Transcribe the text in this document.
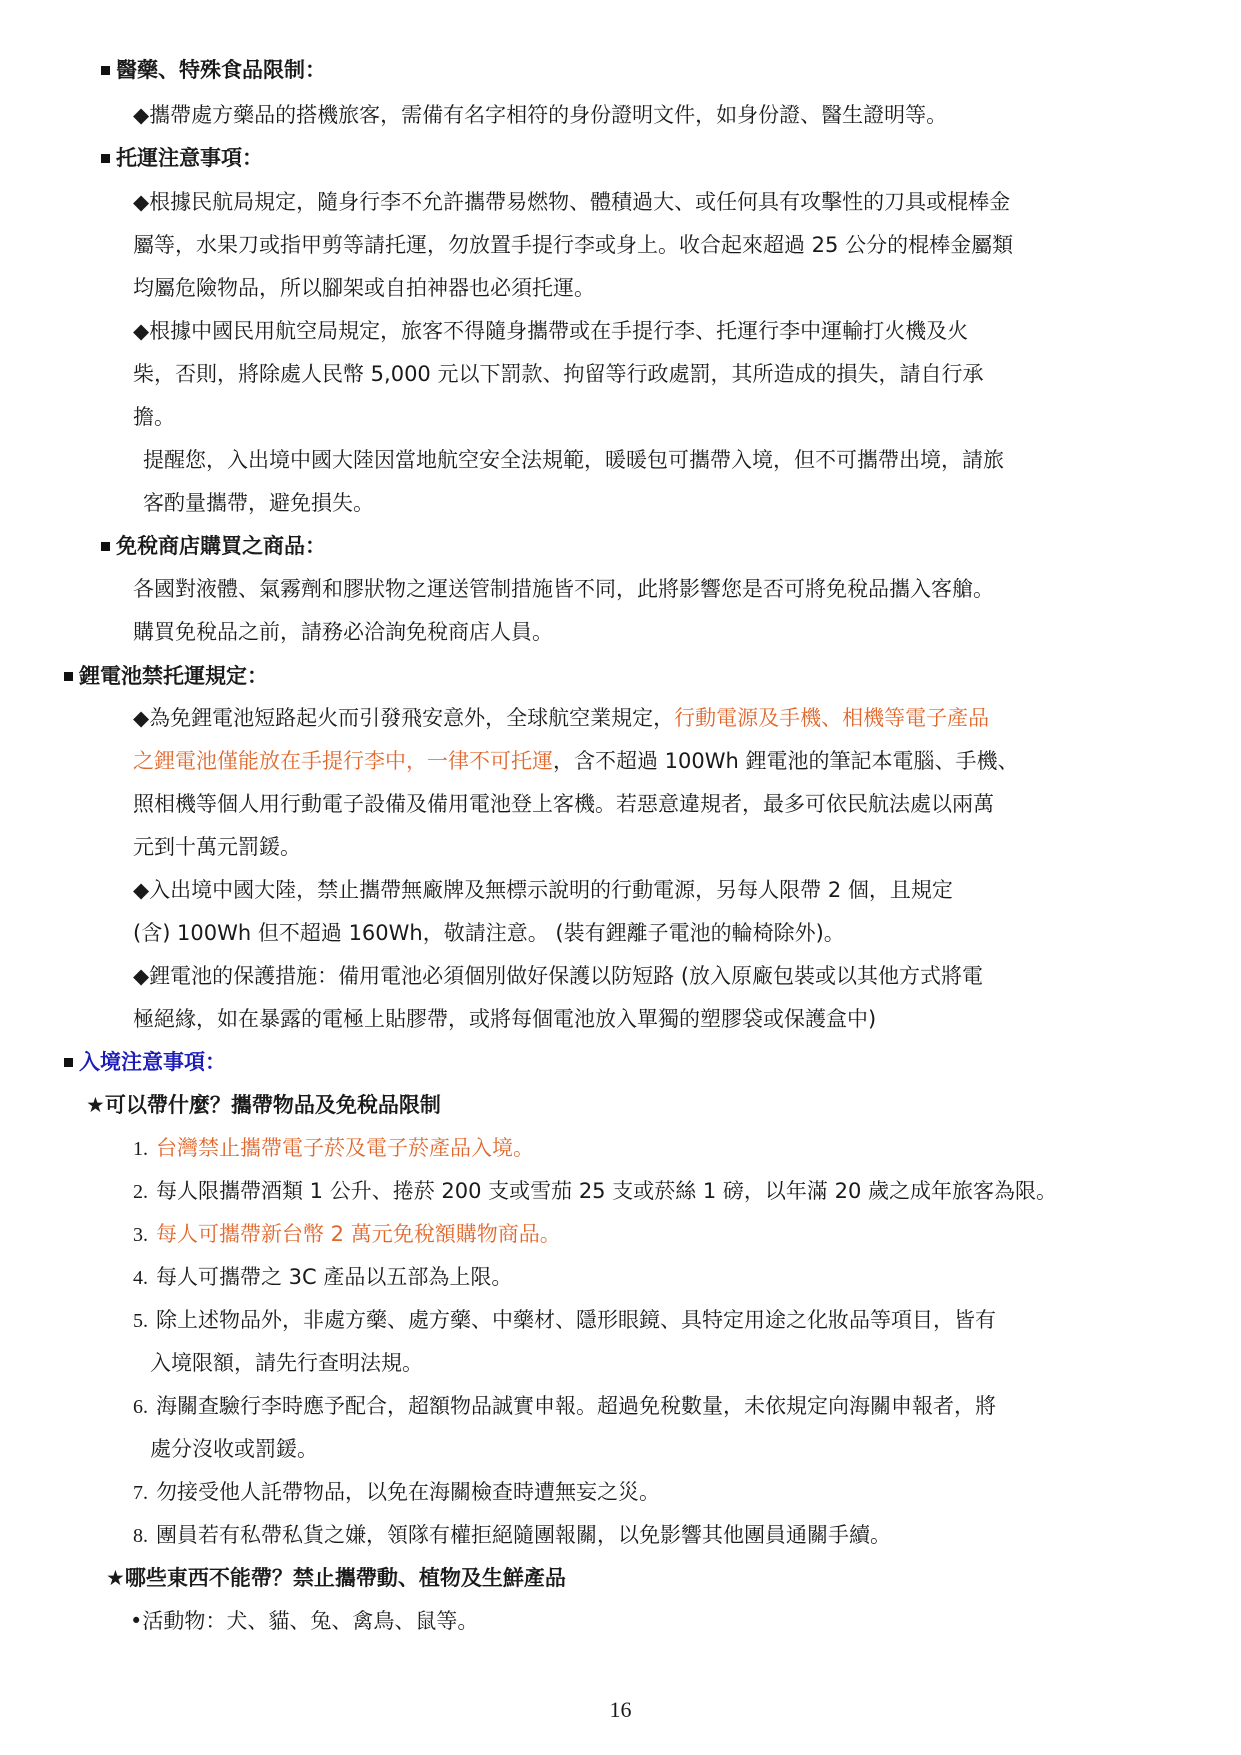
醫藥、特殊食品限制：
◆攜帶處方藥品的搭機旅客，需備有名字相符的身份證明文件，如身份證、醫生證明等。
托運注意事項：
◆根據民航局規定，隨身行李不允許攜帶易燃物、體積過大、或任何具有攻擊性的刀具或棍棒金
屬等，水果刀或指甲剪等請托運，勿放置手提行李或身上。收合起來超過 25 公分的棍棒金屬類
均屬危險物品，所以腳架或自拍神器也必須托運。
◆根據中國民用航空局規定，旅客不得隨身攜帶或在手提行李、托運行李中運輸打火機及火
柴，否則，將除處人民幣 5,000 元以下罰款、拘留等行政處罰，其所造成的損失，請自行承
擔。
提醒您，入出境中國大陸因當地航空安全法規範，暖暖包可攜帶入境，但不可攜帶出境，請旅
客酌量攜帶，避免損失。
免稅商店購買之商品：
各國對液體、氣霧劑和膠狀物之運送管制措施皆不同，此將影響您是否可將免稅品攜入客艙。
購買免稅品之前，請務必洽詢免稅商店人員。
鋰電池禁托運規定：
◆為免鋰電池短路起火而引發飛安意外，全球航空業規定，行動電源及手機、相機等電子產品
之鋰電池僅能放在手提行李中，一律不可托運，含不超過 100Wh 鋰電池的筆記本電腦、手機、
照相機等個人用行動電子設備及備用電池登上客機。若惡意違規者，最多可依民航法處以兩萬
元到十萬元罰鍰。
◆入出境中國大陸，禁止攜帶無廠牌及無標示說明的行動電源，另每人限帶 2 個，且規定
(含) 100Wh 但不超過 160Wh，敬請注意。 (裝有鋰離子電池的輪椅除外)。
◆鋰電池的保護措施：備用電池必須個別做好保護以防短路 (放入原廠包裝或以其他方式將電
極絕緣，如在暴露的電極上貼膠帶，或將每個電池放入單獨的塑膠袋或保護盒中)
入境注意事項：
★可以帶什麼？攜帶物品及免稅品限制
1. 台灣禁止攜帶電子菸及電子菸產品入境。
2. 每人限攜帶酒類 1 公升、捲菸 200 支或雪茄 25 支或菸絲 1 磅，以年滿 20 歲之成年旅客為限。
3. 每人可攜帶新台幣 2 萬元免稅額購物商品。
4. 每人可攜帶之 3C 產品以五部為上限。
5. 除上述物品外，非處方藥、處方藥、中藥材、隱形眼鏡、具特定用途之化妝品等項目，皆有
入境限額，請先行查明法規。
6. 海關查驗行李時應予配合，超額物品誠實申報。超過免稅數量，未依規定向海關申報者，將
處分沒收或罰鍰。
7. 勿接受他人託帶物品，以免在海關檢查時遭無妄之災。
8. 團員若有私帶私貨之嫌，領隊有權拒絕隨團報關，以免影響其他團員通關手續。
★哪些東西不能帶？禁止攜帶動、植物及生鮮產品
•活動物：犬、貓、兔、禽鳥、鼠等。
16
